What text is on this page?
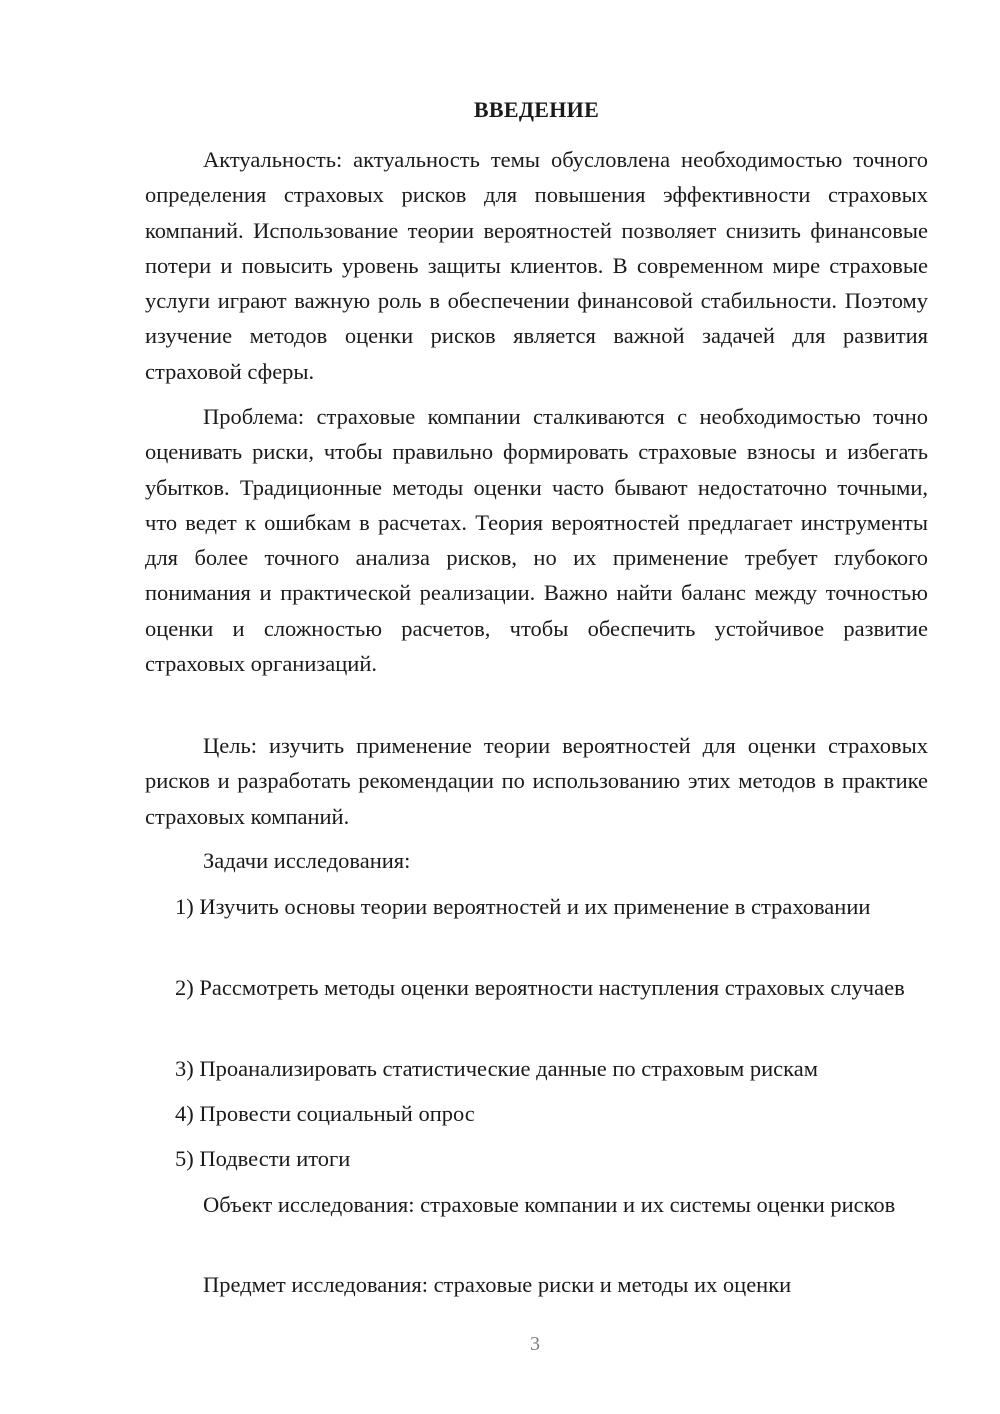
ВВЕДЕНИЕ

Актуальность: актуальность темы обусловлена необходимостью точного определения страховых рисков для повышения эффективности страховых компаний. Использование теории вероятностей позволяет снизить финансовые потери и повысить уровень защиты клиентов. В современном мире страховые услуги играют важную роль в обеспечении финансовой стабильности. Поэтому изучение методов оценки рисков является важной задачей для развития страховой сферы.

Проблема: страховые компании сталкиваются с необходимостью точно оценивать риски, чтобы правильно формировать страховые взносы и избегать убытков. Традиционные методы оценки часто бывают недостаточно точными, что ведет к ошибкам в расчетах. Теория вероятностей предлагает инструменты для более точного анализа рисков, но их применение требует глубокого понимания и практической реализации. Важно найти баланс между точностью оценки и сложностью расчетов, чтобы обеспечить устойчивое развитие страховых организаций.

Цель: изучить применение теории вероятностей для оценки страховых рисков и разработать рекомендации по использованию этих методов в практике страховых компаний.

Задачи исследования:

1) Изучить основы теории вероятностей и их применение в страховании

2) Рассмотреть методы оценки вероятности наступления страховых случаев

3) Проанализировать статистические данные по страховым рискам

4) Провести социальный опрос

5) Подвести итоги

Объект исследования: страховые компании и их системы оценки рисков

Предмет исследования: страховые риски и методы их оценки

3
